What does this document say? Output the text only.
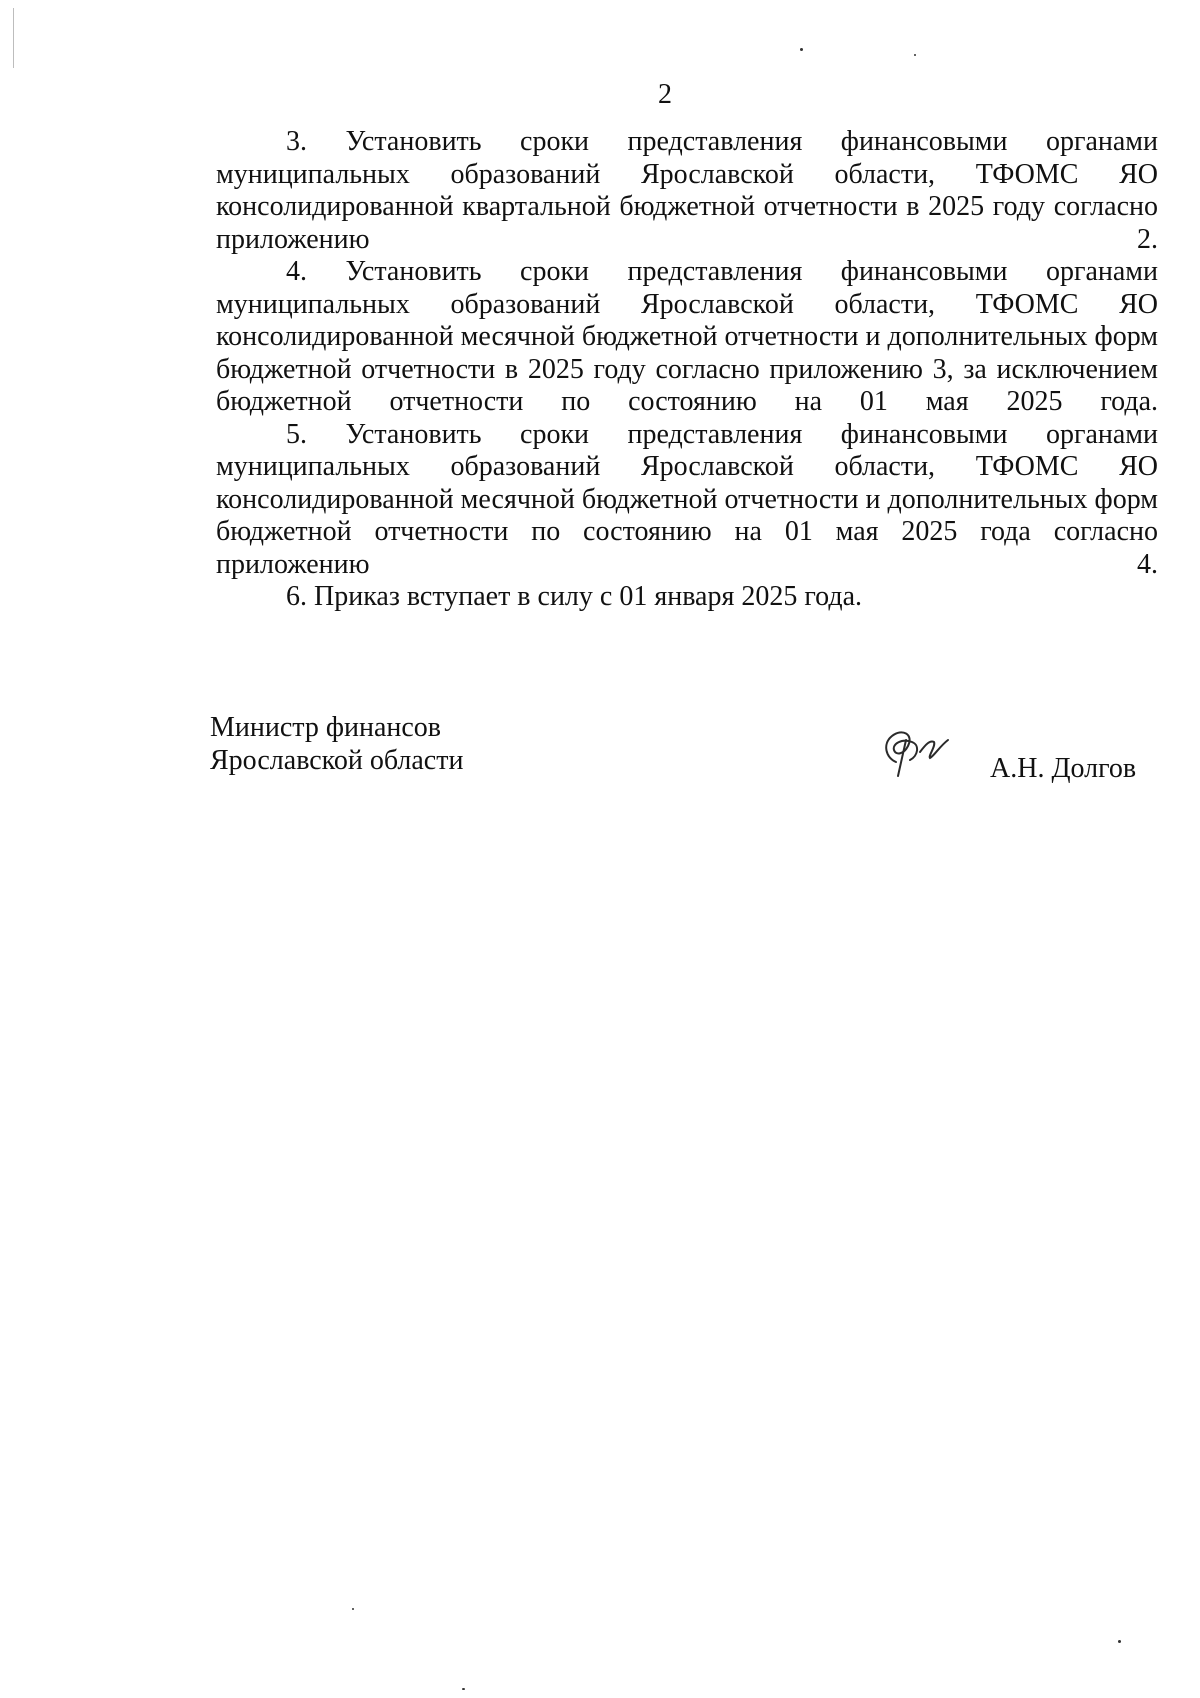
2

3. Установить сроки представления финансовыми органами муниципальных образований Ярославской области, ТФОМС ЯО консолидированной квартальной бюджетной отчетности в 2025 году согласно приложению 2.

4. Установить сроки представления финансовыми органами муниципальных образований Ярославской области, ТФОМС ЯО консолидированной месячной бюджетной отчетности и дополнительных форм бюджетной отчетности в 2025 году согласно приложению 3, за исключением бюджетной отчетности по состоянию на 01 мая 2025 года.

5. Установить сроки представления финансовыми органами муниципальных образований Ярославской области, ТФОМС ЯО консолидированной месячной бюджетной отчетности и дополнительных форм бюджетной отчетности по состоянию на 01 мая 2025 года согласно приложению 4.

6. Приказ вступает в силу с 01 января 2025 года.

Министр финансов
Ярославской области	А.Н. Долгов
